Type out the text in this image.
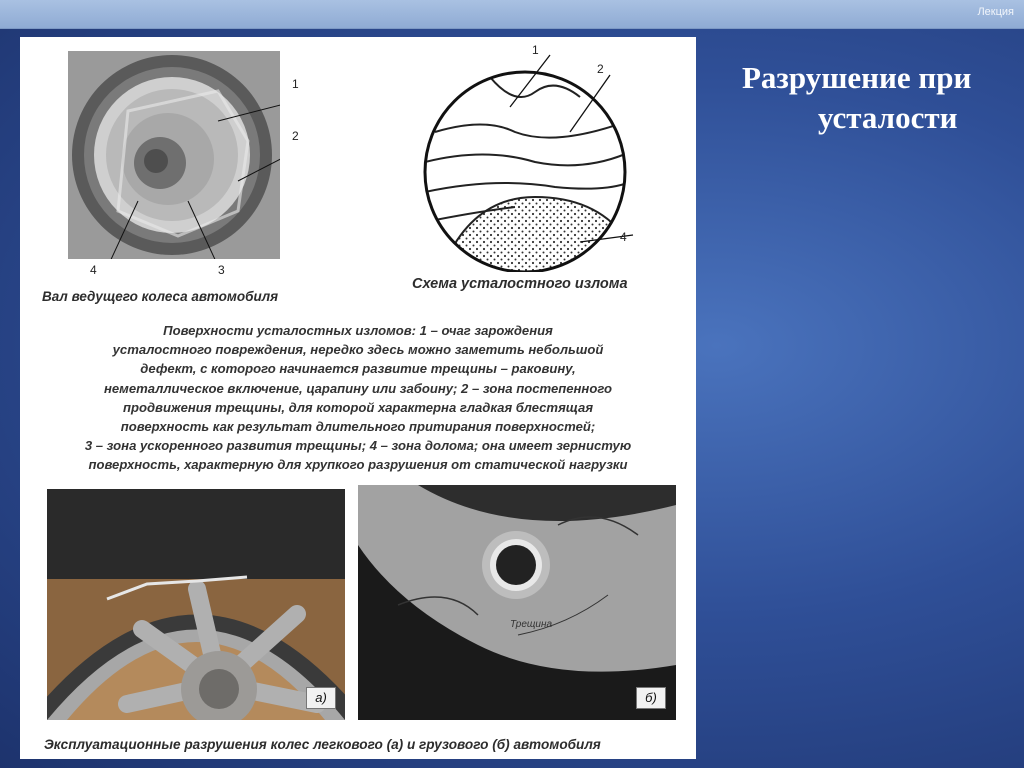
Лекция
Разрушение при
усталости
1
2
3
4
1
2
4
Вал ведущего колеса автомобиля
Схема усталостного излома
Поверхности усталостных изломов: 1 – очаг зарождения
усталостного повреждения, нередко здесь можно заметить небольшой
дефект, с которого начинается развитие трещины – раковину,
неметаллическое включение, царапину или забоину; 2 – зона постепенного
продвижения трещины, для которой характерна гладкая блестящая
поверхность как результат длительного притирания поверхностей;
3 – зона ускоренного развития трещины; 4 – зона долома; она имеет зернистую
поверхность, характерную для хрупкого разрушения от статической нагрузки
а)
Трещина
б)
Эксплуатационные разрушения колес легкового (а) и грузового (б) автомобиля
